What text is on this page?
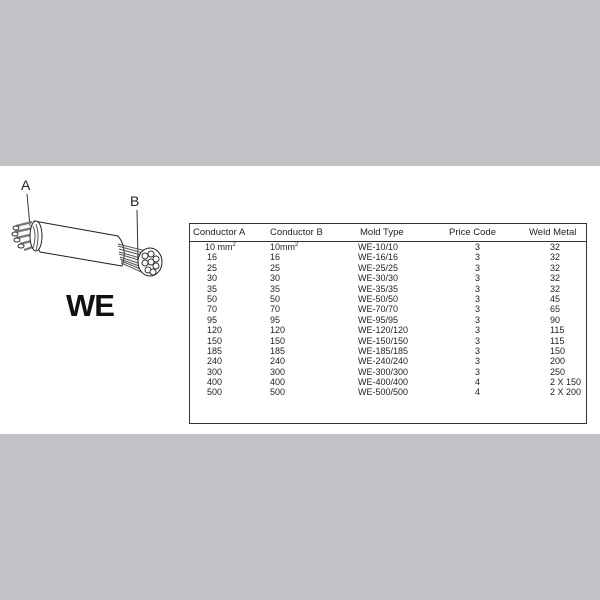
A
B
WE
Conductor A	Conductor B	Mold Type	Price Code	Weld Metal
10 $mm^2$	$10mm^2$	WE-10/10	3	32
16	16	WE-16/16	3	32
25	25	WE-25/25	3	32
30	30	WE-30/30	3	32
35	35	WE-35/35	3	32
50	50	WE-50/50	3	45
70	70	WE-70/70	3	65
95	95	WE-95/95	3	90
120	120	WE-120/120	3	115
150	150	WE-150/150	3	115
185	185	WE-185/185	3	150
240	240	WE-240/240	3	200
300	300	WE-300/300	3	250
400	400	WE-400/400	4	2 X 150
500	500	WE-500/500	4	2 X 200
